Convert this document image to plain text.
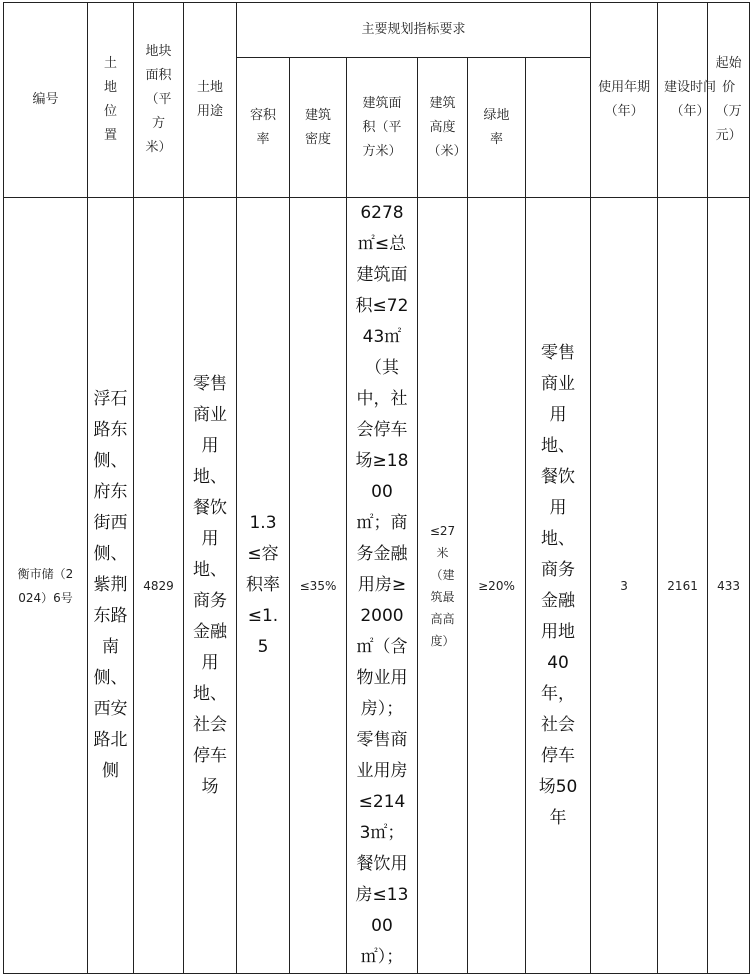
编号	土地位置	地块面积（平方米）	土地用途	主要规划指标要求						使用年期（年）	建设时间（年）	起始价（万元）

				容积率	建筑密度	建筑面积（平方米）	建筑高度（米）	绿地率					

衡市储（2024）6号	浮石路东侧、府东街西侧、紫荆东路南侧、西安路北侧	4829	零售商业用地、餐饮用地、商务金融用地、社会停车场	1.3≤容积率≤1.5	≤35%	6278㎡≤总建筑面积≤7243㎡（其中，社会停车场≥1800㎡；商务金融用房≥2000㎡（含物业用房）；零售商业用房≤2143㎡；餐饮用房≤1300㎡）；	≤27米（建筑最高高度）	≥20%	零售商业用地、餐饮用地、商务金融用地40年，社会停车场50年	3	2161	433	
